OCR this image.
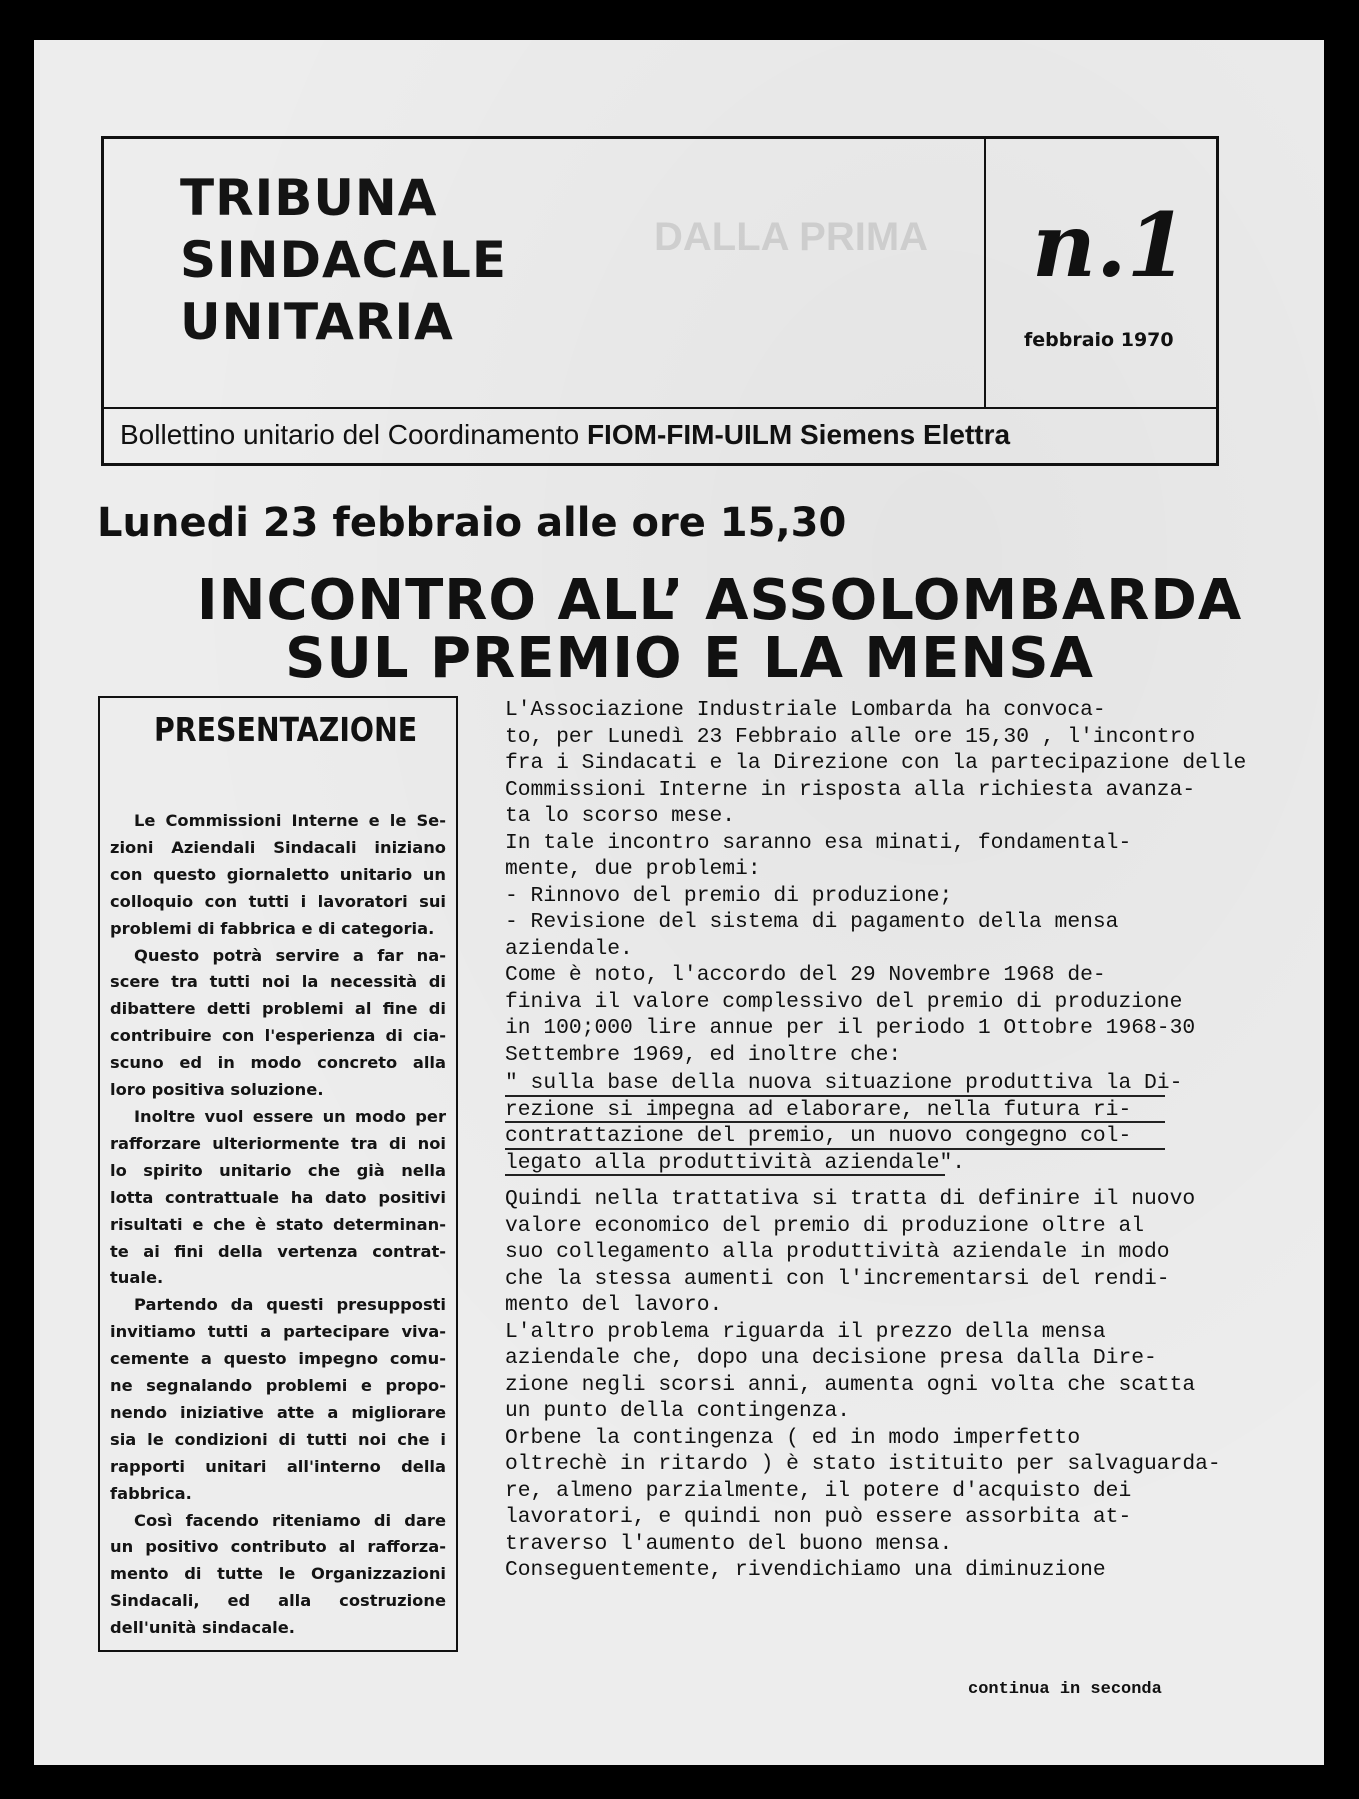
DALLA PRIMA
TRIBUNA
SINDACALE
UNITARIA
n.1
febbraio 1970
Bollettino unitario del Coordinamento FIOM-FIM-UILM Siemens Elettra
Lunedi 23 febbraio alle ore 15,30
INCONTRO ALL’ ASSOLOMBARDA
SUL PREMIO E LA MENSA
PRESENTAZIONE
Le Commissioni Interne e le Se-
zioni Aziendali Sindacali iniziano
con questo giornaletto unitario un
colloquio con tutti i lavoratori sui
problemi di fabbrica e di categoria.
Questo potrà servire a far na-
scere tra tutti noi la necessità di
dibattere detti problemi al fine di
contribuire con l'esperienza di cia-
scuno ed in modo concreto alla
loro positiva soluzione.
Inoltre vuol essere un modo per
rafforzare ulteriormente tra di noi
lo spirito unitario che già nella
lotta contrattuale ha dato positivi
risultati e che è stato determinan-
te ai fini della vertenza contrat-
tuale.
Partendo da questi presupposti
invitiamo tutti a partecipare viva-
cemente a questo impegno comu-
ne segnalando problemi e propo-
nendo iniziative atte a migliorare
sia le condizioni di tutti noi che i
rapporti unitari all'interno della
fabbrica.
Così facendo riteniamo di dare
un positivo contributo al rafforza-
mento di tutte le Organizzazioni
Sindacali, ed alla costruzione
dell'unità sindacale.
L'Associazione Industriale Lombarda ha convoca-
to, per Lunedì 23 Febbraio alle ore 15,30 , l'incontro
fra i Sindacati e la Direzione con la partecipazione delle
Commissioni Interne in risposta alla richiesta avanza-
ta lo scorso mese.
In tale incontro saranno esa minati, fondamental-
mente, due problemi:
- Rinnovo del premio di produzione;
- Revisione del sistema di pagamento della mensa
aziendale.
Come è noto, l'accordo del 29 Novembre 1968 de-
finiva il valore complessivo del premio di produzione
in 100;000 lire annue per il periodo 1 Ottobre 1968-30
Settembre 1969, ed inoltre che:
" sulla base della nuova situazione produttiva la Di-
rezione si impegna ad elaborare, nella futura ri-
contrattazione del premio, un nuovo congegno col-
legato alla produttività aziendale".
Quindi nella trattativa si tratta di definire il nuovo
valore economico del premio di produzione oltre al
suo collegamento alla produttività aziendale in modo
che la stessa aumenti con l'incrementarsi del rendi-
mento del lavoro.
L'altro problema riguarda il prezzo della mensa
aziendale che, dopo una decisione presa dalla Dire-
zione negli scorsi anni, aumenta ogni volta che scatta
un punto della contingenza.
Orbene la contingenza ( ed in modo imperfetto
oltrechè in ritardo ) è stato istituito per salvaguarda-
re, almeno parzialmente, il potere d'acquisto dei
lavoratori, e quindi non può essere assorbita at-
traverso l'aumento del buono mensa.
Conseguentemente, rivendichiamo una diminuzione
continua in seconda
